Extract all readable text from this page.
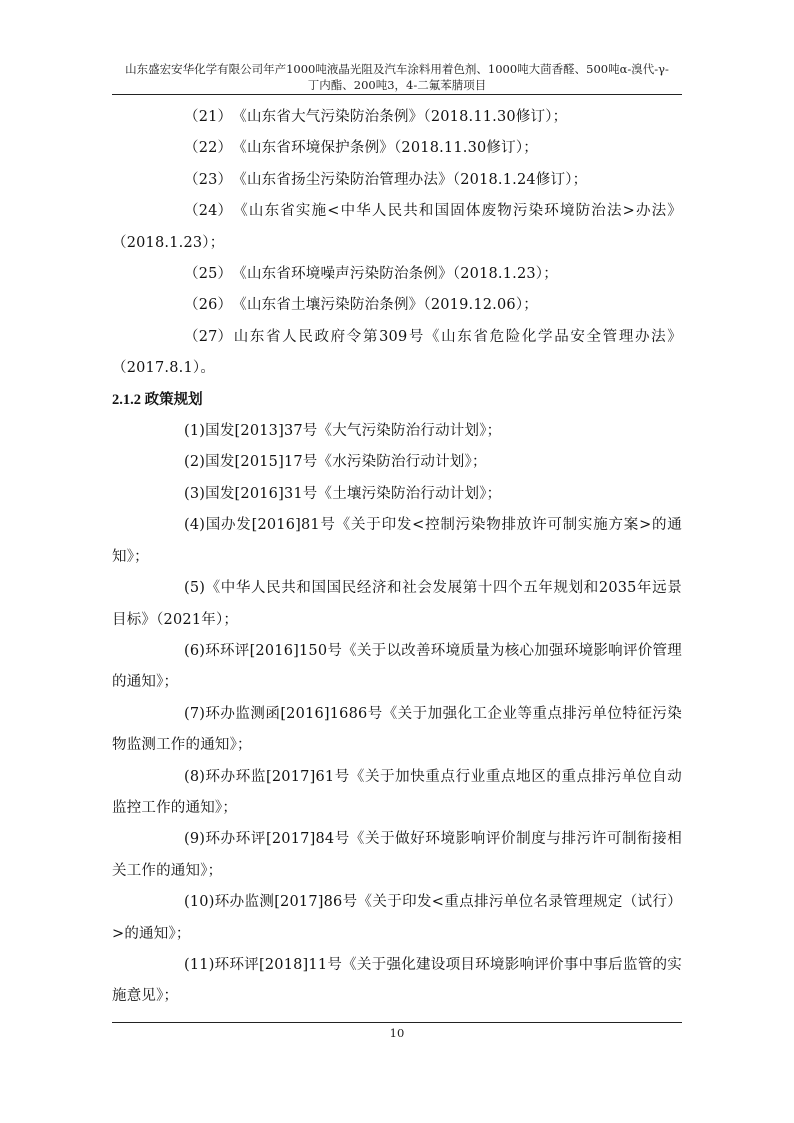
山东盛宏安华化学有限公司年产1000吨液晶光阻及汽车涂料用着色剂、1000吨大茴香醛、500吨α-溴代-γ-
丁内酯、200吨3，4-二氟苯腈项目

（21）《山东省大气污染防治条例》（2018.11.30修订）；

（22）《山东省环境保护条例》（2018.11.30修订）；

（23）《山东省扬尘污染防治管理办法》（2018.1.24修订）；

（24）《山东省实施<中华人民共和国固体废物污染环境防治法>办法》（2018.1.23）；

（25）《山东省环境噪声污染防治条例》（2018.1.23）；

（26）《山东省土壤污染防治条例》（2019.12.06）；

（27）山东省人民政府令第309号《山东省危险化学品安全管理办法》（2017.8.1）。

2.1.2 政策规划

(1)国发[2013]37号《大气污染防治行动计划》；

(2)国发[2015]17号《水污染防治行动计划》；

(3)国发[2016]31号《土壤污染防治行动计划》；

(4)国办发[2016]81号《关于印发<控制污染物排放许可制实施方案>的通知》；

(5)《中华人民共和国国民经济和社会发展第十四个五年规划和2035年远景目标》（2021年）；

(6)环环评[2016]150号《关于以改善环境质量为核心加强环境影响评价管理的通知》；

(7)环办监测函[2016]1686号《关于加强化工企业等重点排污单位特征污染物监测工作的通知》；

(8)环办环监[2017]61号《关于加快重点行业重点地区的重点排污单位自动监控工作的通知》；

(9)环办环评[2017]84号《关于做好环境影响评价制度与排污许可制衔接相关工作的通知》；

(10)环办监测[2017]86号《关于印发<重点排污单位名录管理规定（试行）>的通知》；

(11)环环评[2018]11号《关于强化建设项目环境影响评价事中事后监管的实施意见》；

10
